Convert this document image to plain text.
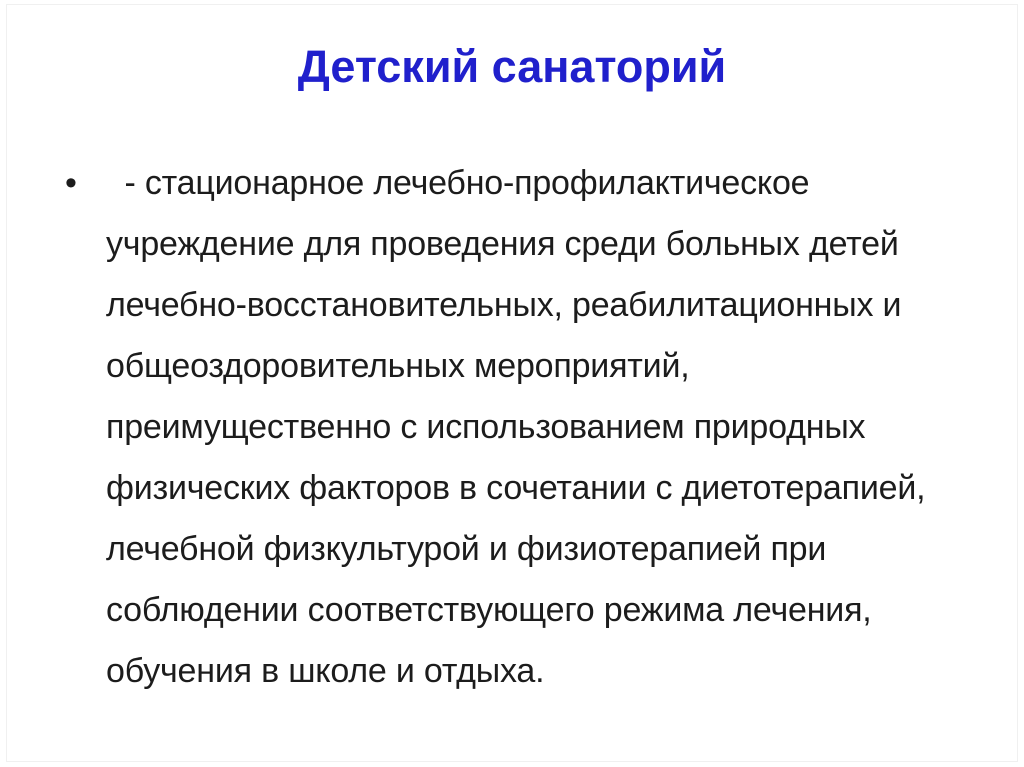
Детский санаторий
• - стационарное лечебно-профилактическое
учреждение для проведения среди больных детей
лечебно-восстановительных, реабилитационных и
общеоздоровительных мероприятий,
преимущественно с использованием природных
физических факторов в сочетании с диетотерапией,
лечебной физкультурой и физиотерапией при
соблюдении соответствующего режима лечения,
обучения в школе и отдыха.
